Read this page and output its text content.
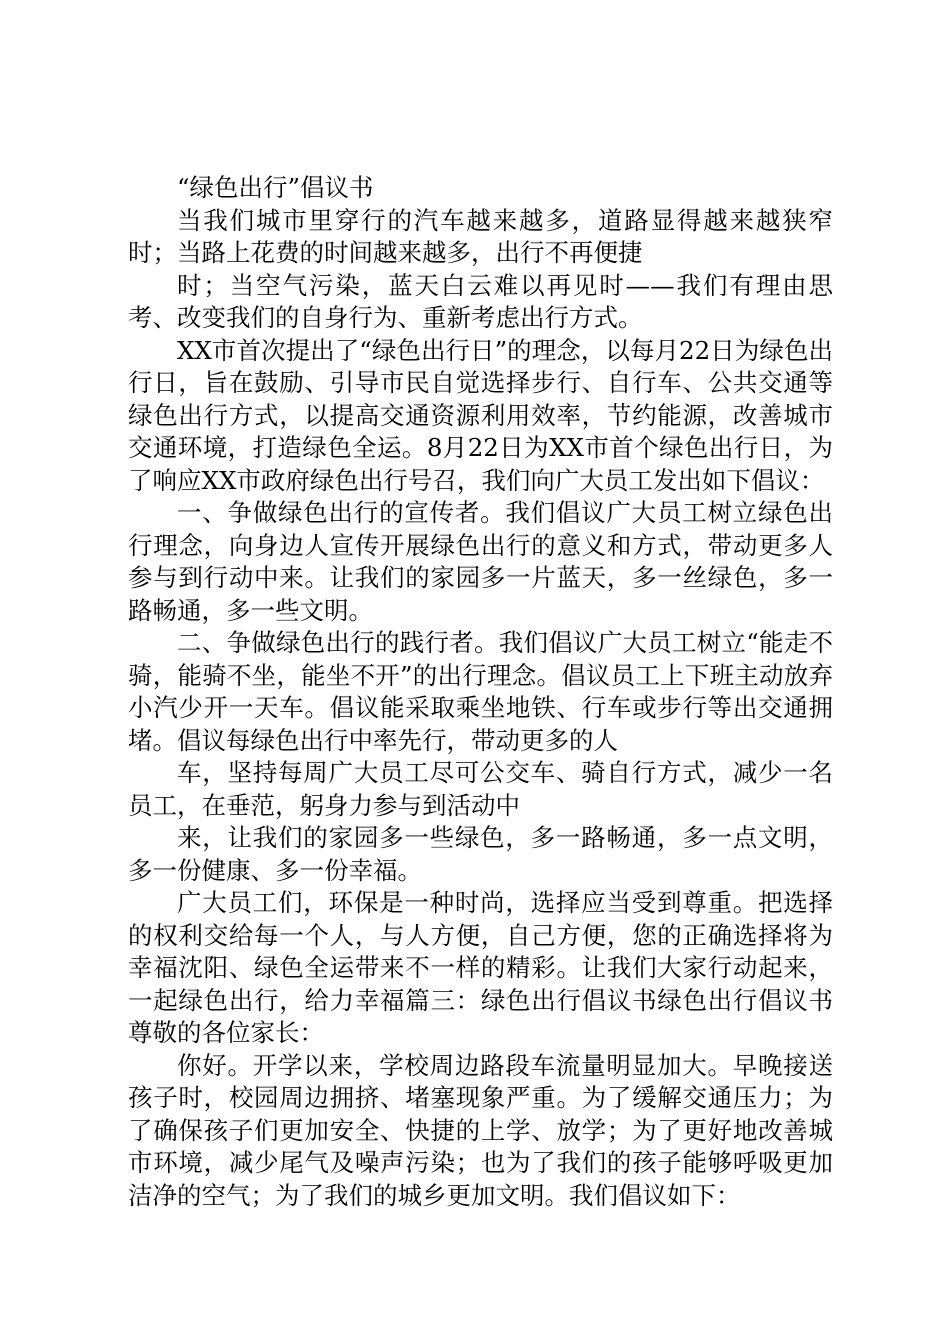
“绿色出行”倡议书

当我们城市里穿行的汽车越来越多，道路显得越来越狭窄时；当路上花费的时间越来越多，出行不再便捷

时；当空气污染，蓝天白云难以再见时——我们有理由思考、改变我们的自身行为、重新考虑出行方式。

XX市首次提出了“绿色出行日”的理念，以每月22日为绿色出行日，旨在鼓励、引导市民自觉选择步行、自行车、公共交通等绿色出行方式，以提高交通资源利用效率，节约能源，改善城市交通环境，打造绿色全运。8月22日为XX市首个绿色出行日，为了响应XX市政府绿色出行号召，我们向广大员工发出如下倡议：

一、争做绿色出行的宣传者。我们倡议广大员工树立绿色出行理念，向身边人宣传开展绿色出行的意义和方式，带动更多人参与到行动中来。让我们的家园多一片蓝天，多一丝绿色，多一路畅通，多一些文明。

二、争做绿色出行的践行者。我们倡议广大员工树立“能走不骑，能骑不坐，能坐不开”的出行理念。倡议员工上下班主动放弃小汽少开一天车。倡议能采取乘坐地铁、行车或步行等出交通拥堵。倡议每绿色出行中率先行，带动更多的人

车，坚持每周广大员工尽可公交车、骑自行方式，减少一名员工，在垂范，躬身力参与到活动中

来，让我们的家园多一些绿色，多一路畅通，多一点文明，多一份健康、多一份幸福。

广大员工们，环保是一种时尚，选择应当受到尊重。把选择的权利交给每一个人，与人方便，自己方便，您的正确选择将为幸福沈阳、绿色全运带来不一样的精彩。让我们大家行动起来，一起绿色出行，给力幸福篇三：绿色出行倡议书绿色出行倡议书尊敬的各位家长：

你好。开学以来，学校周边路段车流量明显加大。早晚接送孩子时，校园周边拥挤、堵塞现象严重。为了缓解交通压力；为了确保孩子们更加安全、快捷的上学、放学；为了更好地改善城市环境，减少尾气及噪声污染；也为了我们的孩子能够呼吸更加洁净的空气；为了我们的城乡更加文明。我们倡议如下：
